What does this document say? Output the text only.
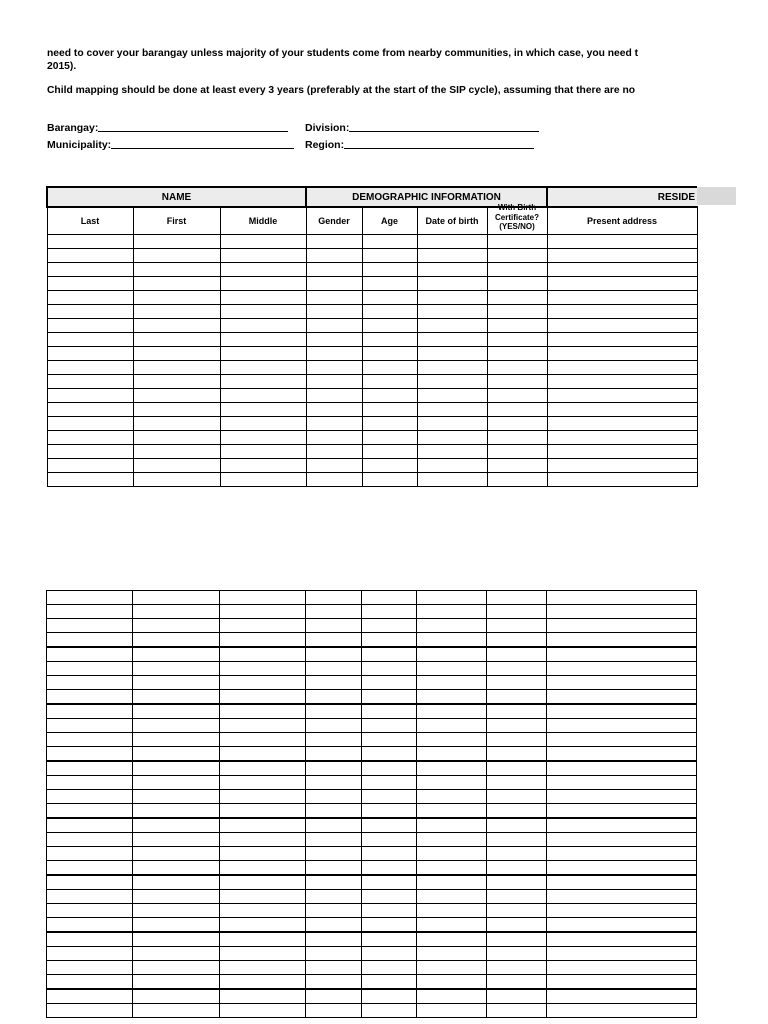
need to cover your barangay unless majority of your students come from nearby communities, in which case, you need t

2015).

Child mapping should be done at least every 3 years (preferably at the start of the SIP cycle), assuming that there are no

Barangay:	Division:
Municipality:	Region:
NAME			DEMOGRAPHIC INFORMATION				RESIDE
Last	First	Middle	Gender	Age	Date of birth	With Birth Certificate? (YES/NO)	Present address
